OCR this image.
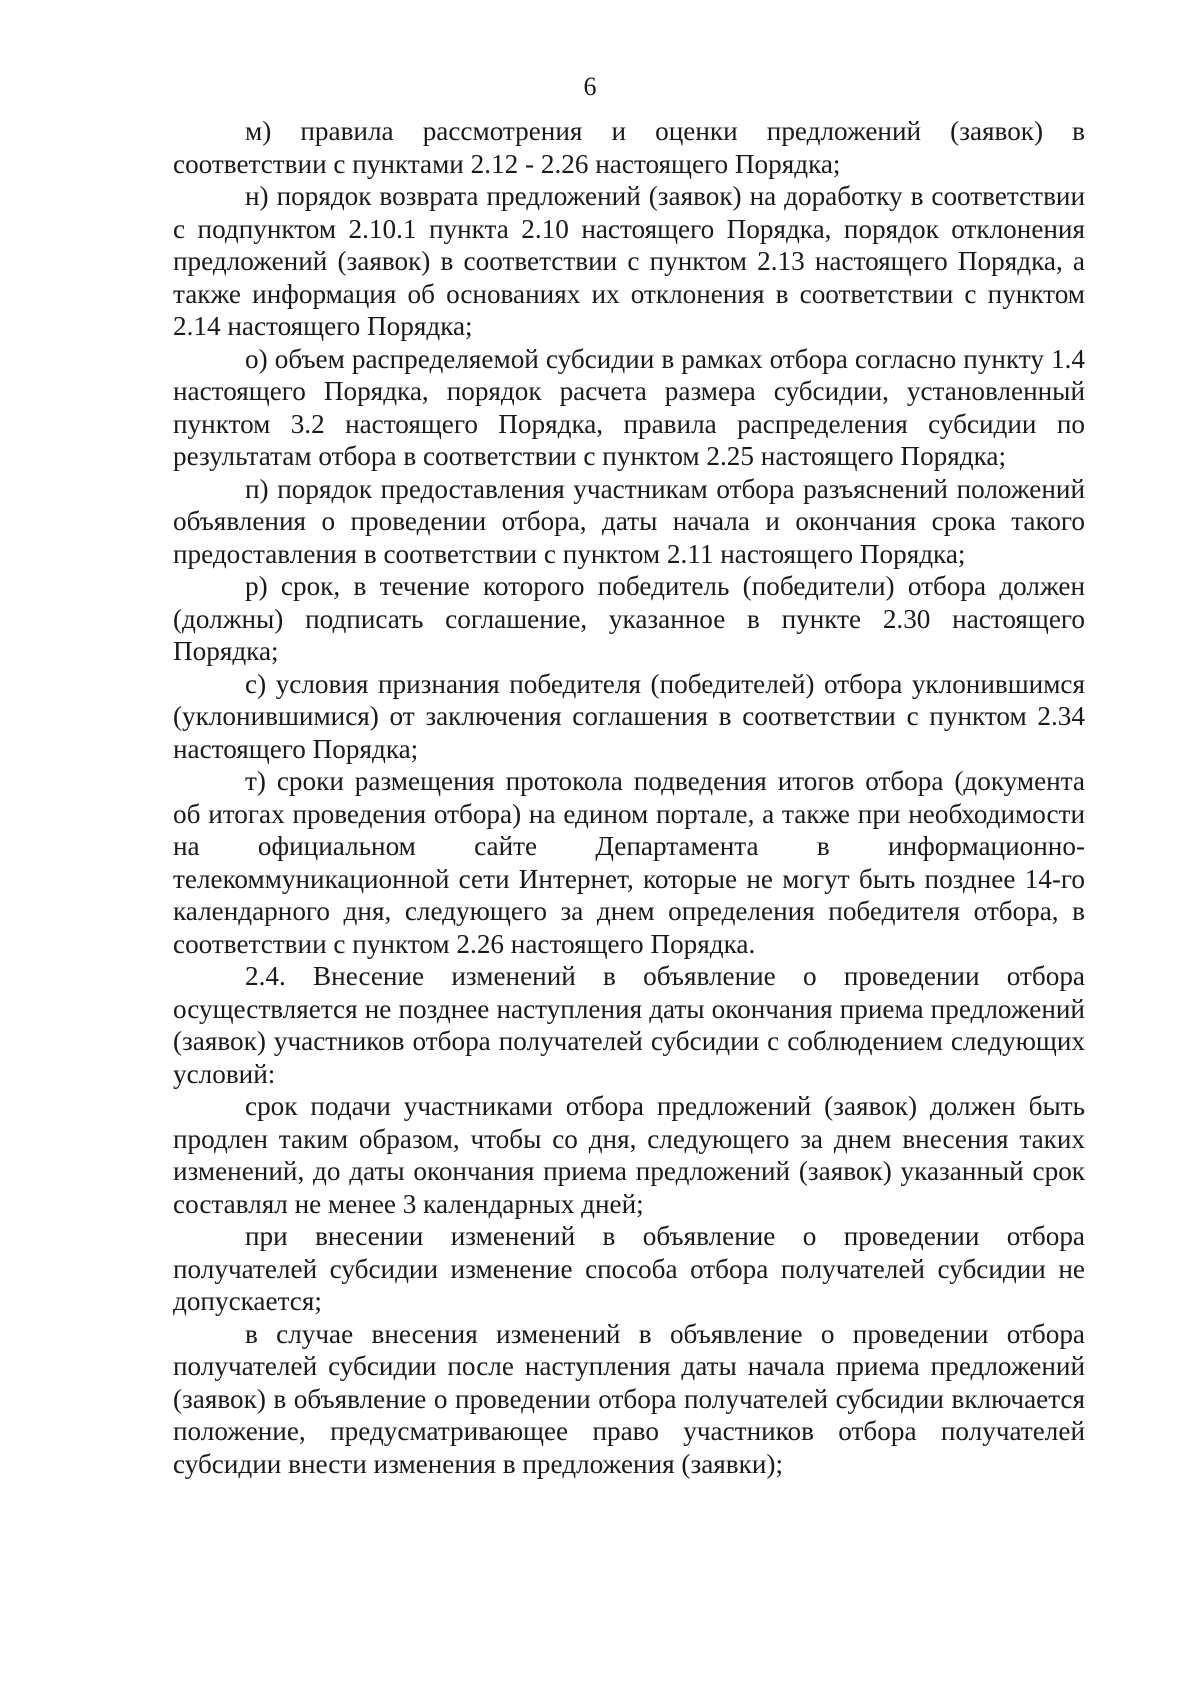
6

м) правила рассмотрения и оценки предложений (заявок) в соответствии с пунктами 2.12 - 2.26 настоящего Порядка;

н) порядок возврата предложений (заявок) на доработку в соответствии с подпунктом 2.10.1 пункта 2.10 настоящего Порядка, порядок отклонения предложений (заявок) в соответствии с пунктом 2.13 настоящего Порядка, а также информация об основаниях их отклонения в соответствии с пунктом 2.14 настоящего Порядка;

о) объем распределяемой субсидии в рамках отбора согласно пункту 1.4 настоящего Порядка, порядок расчета размера субсидии, установленный пунктом 3.2 настоящего Порядка, правила распределения субсидии по результатам отбора в соответствии с пунктом 2.25 настоящего Порядка;

п) порядок предоставления участникам отбора разъяснений положений объявления о проведении отбора, даты начала и окончания срока такого предоставления в соответствии с пунктом 2.11 настоящего Порядка;

р) срок, в течение которого победитель (победители) отбора должен (должны) подписать соглашение, указанное в пункте 2.30 настоящего Порядка;

с) условия признания победителя (победителей) отбора уклонившимся (уклонившимися) от заключения соглашения в соответствии с пунктом 2.34 настоящего Порядка;

т) сроки размещения протокола подведения итогов отбора (документа об итогах проведения отбора) на едином портале, а также при необходимости на официальном сайте Департамента в информационно-телекоммуникационной сети Интернет, которые не могут быть позднее 14-го календарного дня, следующего за днем определения победителя отбора, в соответствии с пунктом 2.26 настоящего Порядка.

2.4. Внесение изменений в объявление о проведении отбора осуществляется не позднее наступления даты окончания приема предложений (заявок) участников отбора получателей субсидии с соблюдением следующих условий:

срок подачи участниками отбора предложений (заявок) должен быть продлен таким образом, чтобы со дня, следующего за днем внесения таких изменений, до даты окончания приема предложений (заявок) указанный срок составлял не менее 3 календарных дней;

при внесении изменений в объявление о проведении отбора получателей субсидии изменение способа отбора получателей субсидии не допускается;

в случае внесения изменений в объявление о проведении отбора получателей субсидии после наступления даты начала приема предложений (заявок) в объявление о проведении отбора получателей субсидии включается положение, предусматривающее право участников отбора получателей субсидии внести изменения в предложения (заявки);
